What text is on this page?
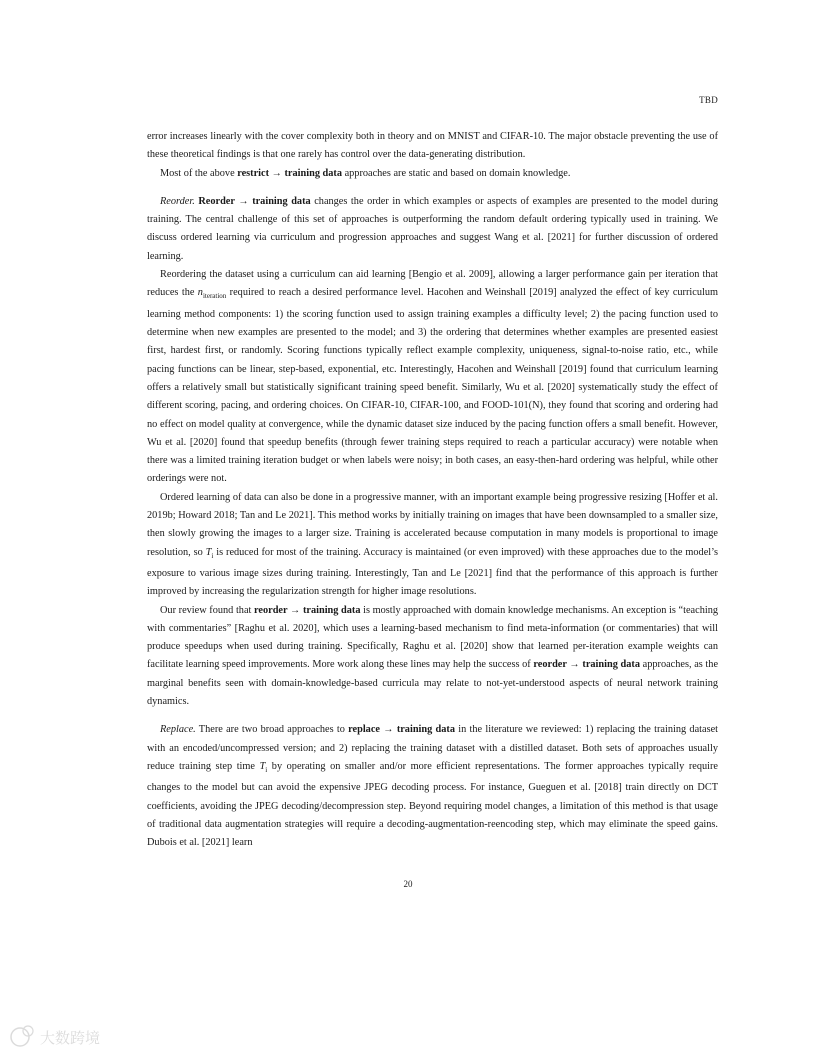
TBD

error increases linearly with the cover complexity both in theory and on MNIST and CIFAR-10. The major obstacle preventing the use of these theoretical findings is that one rarely has control over the data-generating distribution.

Most of the above restrict → training data approaches are static and based on domain knowledge.

Reorder. Reorder → training data changes the order in which examples or aspects of examples are presented to the model during training. The central challenge of this set of approaches is outperforming the random default ordering typically used in training. We discuss ordered learning via curriculum and progression approaches and suggest Wang et al. [2021] for further discussion of ordered learning.

Reordering the dataset using a curriculum can aid learning [Bengio et al. 2009], allowing a larger performance gain per iteration that reduces the $n_{iteration}$ required to reach a desired performance level. Hacohen and Weinshall [2019] analyzed the effect of key curriculum learning method components: 1) the scoring function used to assign training examples a difficulty level; 2) the pacing function used to determine when new examples are presented to the model; and 3) the ordering that determines whether examples are presented easiest first, hardest first, or randomly. Scoring functions typically reflect example complexity, uniqueness, signal-to-noise ratio, etc., while pacing functions can be linear, step-based, exponential, etc. Interestingly, Hacohen and Weinshall [2019] found that curriculum learning offers a relatively small but statistically significant training speed benefit. Similarly, Wu et al. [2020] systematically study the effect of different scoring, pacing, and ordering choices. On CIFAR-10, CIFAR-100, and FOOD-101(N), they found that scoring and ordering had no effect on model quality at convergence, while the dynamic dataset size induced by the pacing function offers a small benefit. However, Wu et al. [2020] found that speedup benefits (through fewer training steps required to reach a particular accuracy) were notable when there was a limited training iteration budget or when labels were noisy; in both cases, an easy-then-hard ordering was helpful, while other orderings were not.

Ordered learning of data can also be done in a progressive manner, with an important example being progressive resizing [Hoffer et al. 2019b; Howard 2018; Tan and Le 2021]. This method works by initially training on images that have been downsampled to a smaller size, then slowly growing the images to a larger size. Training is accelerated because computation in many models is proportional to image resolution, so $T_i$ is reduced for most of the training. Accuracy is maintained (or even improved) with these approaches due to the model’s exposure to various image sizes during training. Interestingly, Tan and Le [2021] find that the performance of this approach is further improved by increasing the regularization strength for higher image resolutions.

Our review found that reorder → training data is mostly approached with domain knowledge mechanisms. An exception is “teaching with commentaries” [Raghu et al. 2020], which uses a learning-based mechanism to find meta-information (or commentaries) that will produce speedups when used during training. Specifically, Raghu et al. [2020] show that learned per-iteration example weights can facilitate learning speed improvements. More work along these lines may help the success of reorder → training data approaches, as the marginal benefits seen with domain-knowledge-based curricula may relate to not-yet-understood aspects of neural network training dynamics.

Replace. There are two broad approaches to replace → training data in the literature we reviewed: 1) replacing the training dataset with an encoded/uncompressed version; and 2) replacing the training dataset with a distilled dataset. Both sets of approaches usually reduce training step time $T_i$ by operating on smaller and/or more efficient representations. The former approaches typically require changes to the model but can avoid the expensive JPEG decoding process. For instance, Gueguen et al. [2018] train directly on DCT coefficients, avoiding the JPEG decoding/decompression step. Beyond requiring model changes, a limitation of this method is that usage of traditional data augmentation strategies will require a decoding-augmentation-reencoding step, which may eliminate the speed gains. Dubois et al. [2021] learn

20
大数跨境
